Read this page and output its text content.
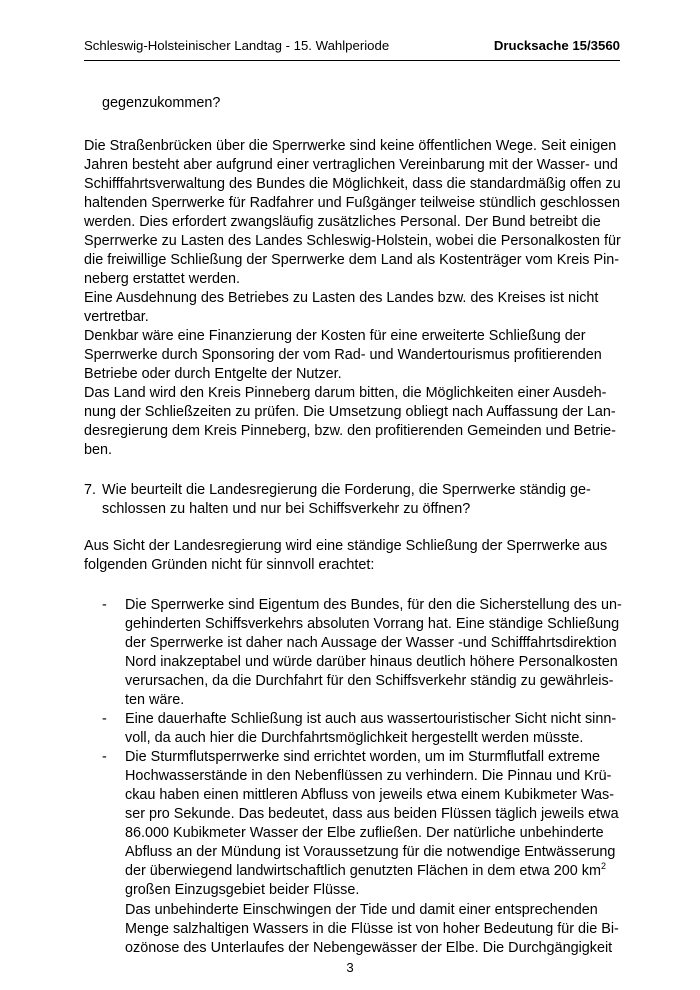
Schleswig-Holsteinischer Landtag - 15. Wahlperiode	Drucksache 15/3560
gegenzukommen?
Die Straßenbrücken über die Sperrwerke sind keine öffentlichen Wege. Seit einigen
Jahren besteht aber aufgrund einer vertraglichen Vereinbarung mit der Wasser- und
Schifffahrtsverwaltung des Bundes die Möglichkeit, dass die standardmäßig offen zu
haltenden Sperrwerke für Radfahrer und Fußgänger teilweise stündlich geschlossen
werden. Dies erfordert zwangsläufig zusätzliches Personal. Der Bund betreibt die
Sperrwerke zu Lasten des Landes Schleswig-Holstein, wobei die Personalkosten für
die freiwillige Schließung der Sperrwerke dem Land als Kostenträger vom Kreis Pin-
neberg erstattet werden.
Eine Ausdehnung des Betriebes zu Lasten des Landes bzw. des Kreises ist nicht
vertretbar.
Denkbar wäre eine Finanzierung der Kosten für eine erweiterte Schließung der
Sperrwerke durch Sponsoring der vom Rad- und Wandertourismus profitierenden
Betriebe oder durch Entgelte der Nutzer.
Das Land wird den Kreis Pinneberg darum bitten, die Möglichkeiten einer Ausdeh-
nung der Schließzeiten zu prüfen. Die Umsetzung obliegt nach Auffassung der Lan-
desregierung dem Kreis Pinneberg, bzw. den profitierenden Gemeinden und Betrie-
ben.
7. Wie beurteilt die Landesregierung die Forderung, die Sperrwerke ständig ge-
schlossen zu halten und nur bei Schiffsverkehr zu öffnen?
Aus Sicht der Landesregierung wird eine ständige Schließung der Sperrwerke aus
folgenden Gründen nicht für sinnvoll erachtet:
- Die Sperrwerke sind Eigentum des Bundes, für den die Sicherstellung des un-
gehinderten Schiffsverkehrs absoluten Vorrang hat. Eine ständige Schließung
der Sperrwerke ist daher nach Aussage der Wasser -und Schifffahrtsdirektion
Nord inakzeptabel und würde darüber hinaus deutlich höhere Personalkosten
verursachen, da die Durchfahrt für den Schiffsverkehr ständig zu gewährleis-
ten wäre.
- Eine dauerhafte Schließung ist auch aus wassertouristischer Sicht nicht sinn-
voll, da auch hier die Durchfahrtsmöglichkeit hergestellt werden müsste.
- Die Sturmflutsperrwerke sind errichtet worden, um im Sturmflutfall extreme
Hochwasserstände in den Nebenflüssen zu verhindern. Die Pinnau und Krü-
ckau haben einen mittleren Abfluss von jeweils etwa einem Kubikmeter Was-
ser pro Sekunde. Das bedeutet, dass aus beiden Flüssen täglich jeweils etwa
86.000 Kubikmeter Wasser der Elbe zufließen. Der natürliche unbehinderte
Abfluss an der Mündung ist Voraussetzung für die notwendige Entwässerung
der überwiegend landwirtschaftlich genutzten Flächen in dem etwa 200 $km^2$
großen Einzugsgebiet beider Flüsse.
Das unbehinderte Einschwingen der Tide und damit einer entsprechenden
Menge salzhaltigen Wassers in die Flüsse ist von hoher Bedeutung für die Bi-
ozönose des Unterlaufes der Nebengewässer der Elbe. Die Durchgängigkeit
3
